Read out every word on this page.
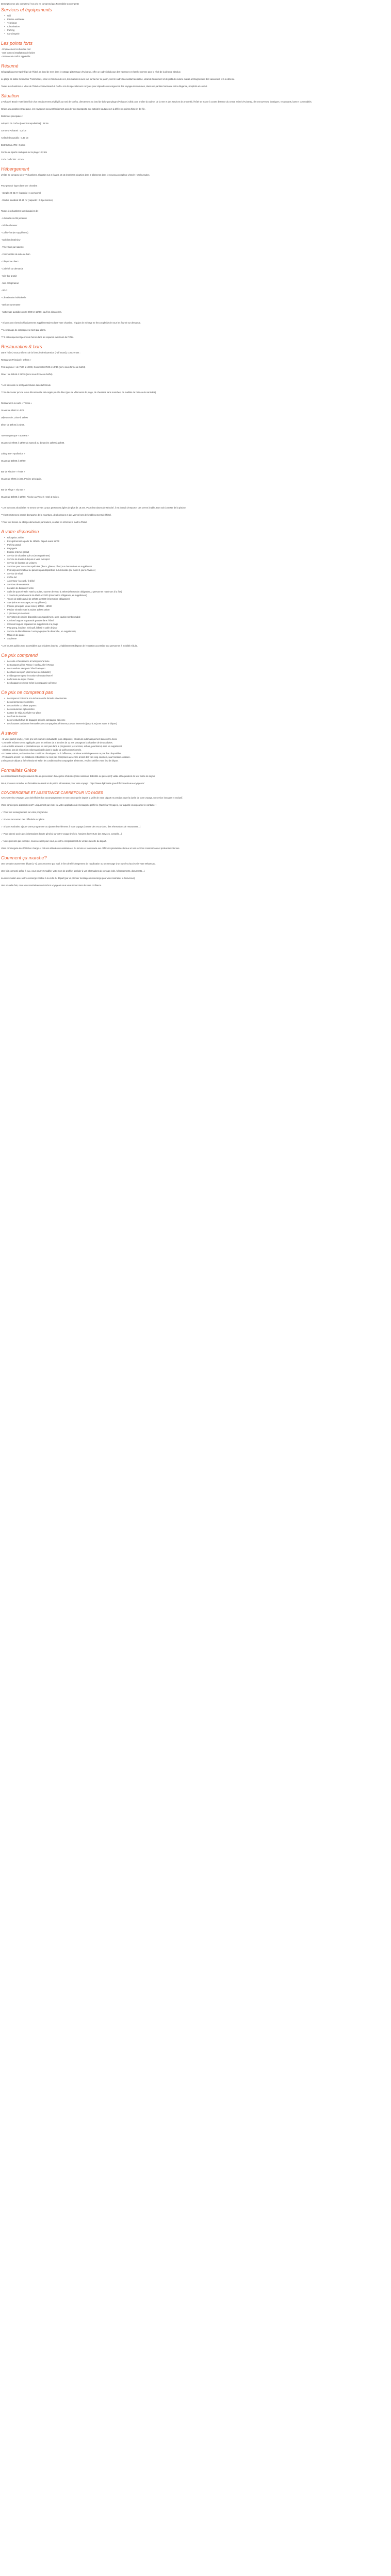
Description Ce prix comprend / Ce prix ne comprend pas Formalités Convergente
Services et équipements
• Wifi
• Piscine extérieure
• Télévision
• Climatisation
• Parking
• Conciergerie
Les points forts
- Emplacement en bord de mer
- Des bonnes installations de loisirs
- Services et confort appréciés
Résumé
Géographiquement privilégié de l'hôtel, en bord de mer, dans le cottage pittoresque d'Acharavi, offre un cadre idéal pour des vacances en famille comme pour le répit de la détente absolue.
Le plage de sable s'étend sur 7 kilomètres, sinsé en fonction de ces, les chambres avec vue sur la mer ou jardin, sont le cadre l'accueillant au calme, idéal de l'isolement et de plats de cuisine exquis à l'éloignement des vacanciers et à la détente.
Toutes les chambres et villas de l'hôtel Acharavi Beach à Corfou ont été spécialement conçues pour répondre aux exigences des voyageurs modernes, dans une parfaite harmonie entre élégance, simplicité et confort.
Situation
L'Acharavi Beach Hotel bénéficie d'un emplacement privilégié au nord de Corfou, directement au bord de la longue plage d'Acharavi. Idéal pour profiter du calme, de la mer et des services de proximité, l'hôtel se trouve à courte distance du centre animé d'Acharavi, de ses tavernes, boutiques, restaurants, bars et commodités.
Grâce à sa position stratégique, les voyageurs peuvent facilement accéder aux transports, aux activités nautiques et à différents points d'intérêt de l'île.
Distances principales :
Aéroport de Corfou (Ioannis Kapodistrias) : 38 km
Centre d'Acharavi : 0,5 km
Arrêt de bus public : 0,45 km
Distributeur ATM : 0,5 km
Centre de sports nautiques sur la plage : 0,2 km
Corfu Golf Club : 43 km
Hébergement
L'hôtel se compose de 177 chambres, réparties sur 2 étages, et 15 chambres réparties dans 3 bâtiments dans le nouveau complexe Vinseln Hotel & Suites.
Pour pouvoir loger dans une chambre :
- Simple 20-25 m² (capacité : 1 personne)
- Double standard 20-25 m² (capacité : 2-3 personnes)
Toutes les chambres sont équipées de :
- Lit double ou lits jumeaux
- Sèche-cheveux
- Coffre-fort (en supplément)
- Mobilier d'extérieur
- Télévision par satellite
- Commodités de salle de bain
- Téléphone direct
- Lit bébé sur demande
- Mini-bar gratuit
- Mini-réfrigérateur
- Wi-Fi
- Climatisation individuelle
- Balcon ou terrasse
- Nettoyage quotidien entre 8h00 et 15h00, sauf les dimanches.
* Si vous avez besoin d'équipements supplémentaires dans votre chambre, l'équipe de ménage se fera un plaisir de vous les fournir sur demande.
** Le ménage de campagne se tient par jalons.
*** Il est uniquement permis de fumer dans les espaces extérieurs de l'hôtel.
Restauration & bars
Dans l'hôtel, vous profiterez de la formule demi-pension (Half Board), comprenant :
Restaurant Principal « Orfeas »
Petit-déjeuner : de 7h00 à 10h00, Continental 7h00 à 10h15 (servi sous forme de buffet)
Dîner : de 18h45 à 21h30 (servi sous forme de buffet)
* Les boissons ne sont pas incluses dans la formule.
** Veuillez noter qu'une tenue décontractée est exigée pour le dîner (pas de vêtements de plage, de chemises sans manches, de maillots de bain ou de sandales).
Restaurant à la carte « Thema »
Ouvert de 9h00 à 14h00
Déjeuner de 12h00 à 19h00
Dîner de 18h45 à 21h30.
Taverne grecque « Apnoea »
Ouverte de 9h00 à 14h00 du samedi au dimanche 13h00 à 23h00.
Lobby Bar « Apollonion »
Ouvert de 18h00 à 22h00
Bar de Piscine « Thetis »
Ouvert de 9h00 à 1h00. Piscine principale.
Bar de Plage « Vip Bar »
Ouvert de 10h00 à 18h00. Piscine au Vinseln Hotel & Suites.
* Les boissons alcoolisées ne seront servies qu'aux personnes âgées de plus de 18 ans. Pour des raisons de sécurité, il est interdit d'emporter des verres à table. Bon soin à verser de la piscine.
** Il est strictement interdit d'emporter de la nourriture, des boissons et des verres hors de l'établissement de l'hôtel.
* Pour tout besoin ou allergie alimentaire particuliers, veuillez en informer le maître d'hôtel.
A votre disposition
• Réception 24h/24
• Enregistrement à partir de 15h00 / Départ avant 11h00
• Parking gratuit
• Bagagerie
• Espace Internet gratuit
• Service de chambre 12h-24 (en supplément)
• Service de transfert depuis et vers l'aéroport
• Service de location de voitures
• Services pour occasions spéciales (fleurs, gâteau, dîner) sur demande et en supplément
• Petit-déjeuner matinal ou panier repas disponibles sur demande (au moins 1 jour à l'avance)
• Service de réveil
• Coffre-fort
• Ascenseur / accueil / lit bébé
• Services de secrétariat
• Location de bateaux / vélos
• Salle de sport Vinseln Hotel & Suites, ouverte de 9h00 à 20h00 (réservation obligatoire, 2 personnes maximum à la fois)
• 2 courts de padel ouverts de 9h00 à 22h00 (réservation obligatoire, en supplément)
• Tennis de table gratuit de 10h00 à 20h00 (réservation obligatoire)
• Spa (soins et massages, en supplément)
• Piscine principale (deux zones) 10h00 - 18h00
• Piscine Vinseln Hotel & Suites 10h00-18h00
• 2 piscines pour enfants
• Serviettes de piscine disponibles en supplément, avec caution remboursable
• Chaises longues et parasols gratuits dans l'hôtel
• Chaises longues et parasol en supplément à la plage
• Ping-pong, bouliste, mini-golf, billard et table de jeux
• Service de blanchisserie / nettoyage (sauf le dimanche, en supplément)
• Médecin de garde
• Supérette
* Les heures publics sont accessibles aux résidents inscrits. L'établissement dispose de l'entretien accessible aux personnes à mobilité réduite.
Ce prix comprend
• Les vols et l'assistance à l'aéroport d'arrivée
• Le transport aérien France / Corfou Aller / Retour
• Les transferts aéroport / hôtel / aéroport
• Les taxes aéroport (dont la taxe de solidarité)
• L'hébergement pour le nombre de nuits réservé
• La formule de repas choisie
• Les bagages en soute selon la compagnie aérienne
Ce prix ne comprend pas
• Les repas et boissons non inclus dans la formule sélectionnée
• Les dépenses personnelles
• Les activités ou loisirs payants
• Les assurances optionnelles
• La taxe de séjour à régler sur place
• Les frais de dossier
• Les éventuels frais de bagages selon la compagnie aérienne
• Les hausses carburant éventuelles des compagnies aériennes pouvant intervenir (jusqu'à 30 jours avant le départ)
A savoir
- Si vous partez seul(e), votre prix est chambre individuelle (non obligatoire) et calculé automatiquement dans votre devis.
- Les tarifs enfants seront appliqués pour les enfants de 2 à moins de 12 ans partageant la chambre de deux adultes.
- Les activités annexes et prestations qui ne sont pas dans le programme (excursions, achats, pourboires) sont en supplément.
- Attention, pas de réduction enfant applicable dans le cadre de tarifs promotionnels.
- En basse saison, en fonction des conditions climatiques, ou à l'affluence, certaines activités peuvent ne pas être disponibles.
- Prestations à bord : les collations et boissons ne sont pas comprises au service à bord des vols long-courriers, sauf mention contraire.
L'aéroport de départ a été sélectionné selon les conditions des compagnies aériennes, veuillez vérifier votre lieu de départ.
Formalités Grèce
Les ressortissants français doivent être en possession d'une pièce d'identité (carte nationale d'identité ou passeport) valide et l'équivalent de leur durée de séjour.
Nous pouvons consulter les formalités de santé et de police nécessaires pour votre voyage : https://www.diplomatie.gouv.fr/fr/conseils-aux-voyageurs/
CONCIERGERIE ET ASSISTANCE CARREFOUR VOYAGES
Avec Carrefour Voyages vous bénéficiez d'un accompagnement et nos conciergerie depuis la veille de votre départ en pendant toute la durée de votre voyage, un service innovant et exclusif.
Votre conciergerie disponible 24/7, uniquement par chat, via votre application de messagerie préférée (Carrefour Voyages), sur laquelle vous pourrez le contacter :
✓ Pour tout renseignement sur votre programme
✓ Si vous rencontrez des difficultés sur place
✓ Si vous souhaitez ajouter votre programme ou ajouter des éléments à votre voyage (comme des excursions, des réservations de restaurants...)
✓ Pour obtenir accès des informations d'ordre général sur votre voyage (météo, horaires d'ouverture des services, conseils....)
✓ Nous pouvons par exemple, nous occuper pour vous, de votre enregistrement de vol dès la veille du départ.
Votre conciergerie dès l'hôtel en charge et ont son attitude aux assistances, du service et tous suivra aux différents prestataires locaux et nos services commerciaux et production internes.
Comment ça marche?
Une semaine avant votre départ (J-7), vous recevrez par mail, le lien de téléchargement de l'application ou un message d'un numéro d'accès via votre WhatsApp.
Une fois connecté grâce à eux, vous pourrez modifier votre nom de profil et accéder à vos informations de voyage (vols, hébergements, documents...).
La conversation avec votre concierge s'active à la veille du départ (par un premier message du concierge pour vous souhaiter la bienvenue).
Une nouvelle fois, nous vous souhaitons un très bon voyage et nous vous remercions de votre confiance.
